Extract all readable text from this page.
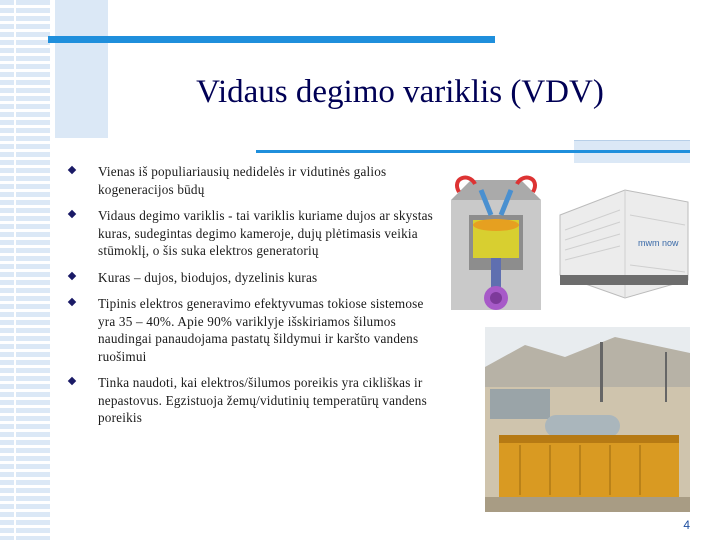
Vidaus degimo variklis (VDV)
Vienas iš populiariausių nedidelės ir vidutinės galios kogeneracijos būdų
Vidaus degimo variklis - tai variklis kuriame dujos ar skystas kuras, sudegintas degimo kameroje, dujų plėtimasis veikia stūmoklį, o šis suka elektros generatorių
Kuras – dujos, biodujos, dyzelinis kuras
Tipinis elektros generavimo efektyvumas tokiose sistemose yra 35 – 40%. Apie 90% variklyje išskiriamos šilumos naudingai panaudojama pastatų šildymui ir karšto vandens ruošimui
Tinka naudoti, kai elektros/šilumos poreikis yra cikliškas ir nepastovus. Egzistuoja žemų/vidutinių temperatūrų vandens poreikis
mwm now
4
